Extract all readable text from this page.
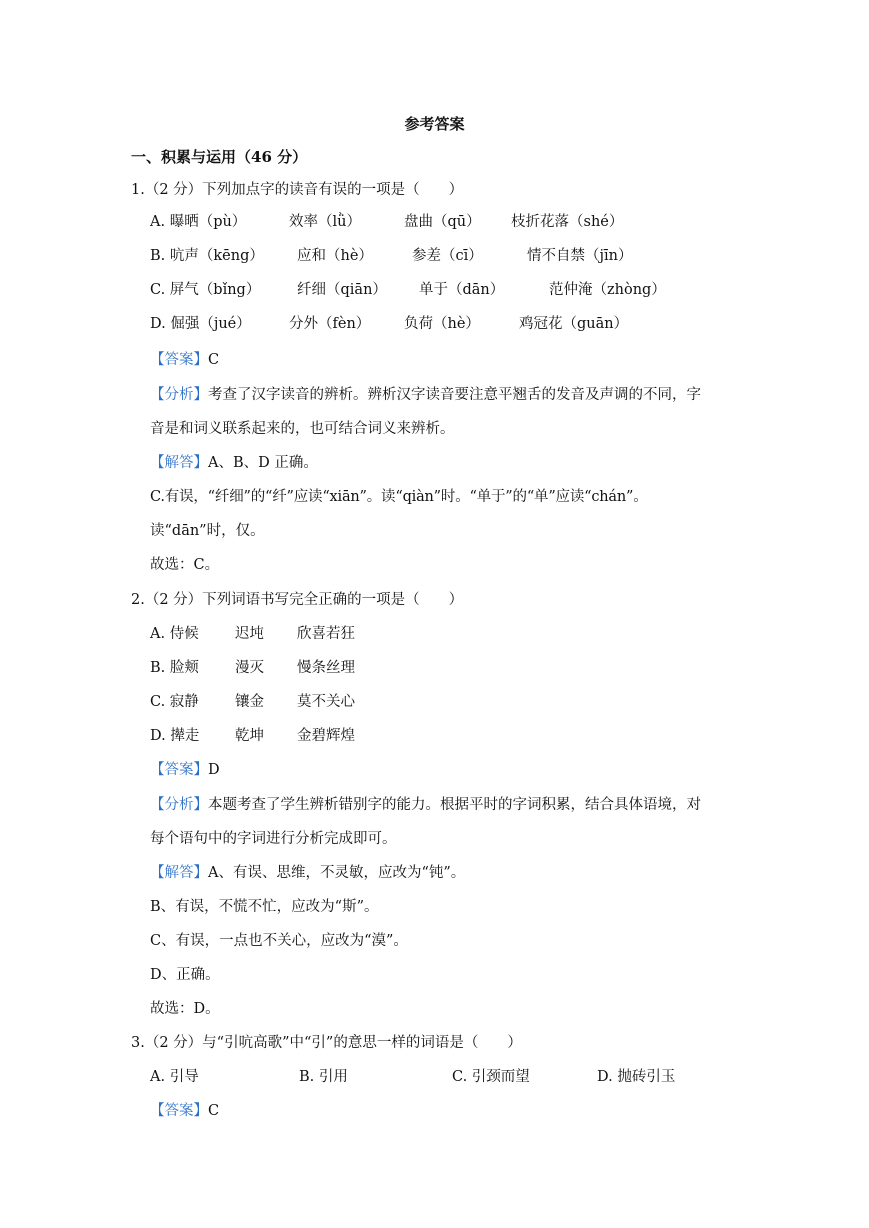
参考答案
一、积累与运用（46 分）
1.（2 分）下列加点字的读音有误的一项是（　　）
A. 曝晒（pù）	效率（lǜ）	盘曲（qū） 枝折花落（shé）
B. 吭声（kēng） 应和（hè）	参差（cī）	情不自禁（jīn）
C. 屏气（bǐng）	纤细（qiān） 单于（dān）	范仲淹（zhòng）
D. 倔强（jué）	分外（fèn） 负荷（hè）	鸡冠花（guān）
【答案】C
【分析】考查了汉字读音的辨析。辨析汉字读音要注意平翘舌的发音及声调的不同，字
音是和词义联系起来的，也可结合词义来辨析。
【解答】A、B、D 正确。
C.有误，“纤细”的“纤”应读“xiān”。读“qiàn”时。“单于”的“单”应读“chán”。
读“dān”时，仅。
故选：C。
2.（2 分）下列词语书写完全正确的一项是（　　）
A. 侍候	迟坉 欣喜若狂
B. 脸颊 漫灭 慢条丝理
C. 寂静 镶金 莫不关心
D. 撵走 乾坤 金碧辉煌
【答案】D
【分析】本题考查了学生辨析错别字的能力。根据平时的字词积累，结合具体语境，对
每个语句中的字词进行分析完成即可。
【解答】A、有误、思维，不灵敏，应改为“钝”。
B、有误，不慌不忙，应改为“斯”。
C、有误，一点也不关心，应改为“漠”。
D、正确。
故选：D。
3.（2 分）与“引吭高歌”中“引”的意思一样的词语是（　　）
A. 引导	B. 引用	C. 引颈而望	D. 抛砖引玉
【答案】C
